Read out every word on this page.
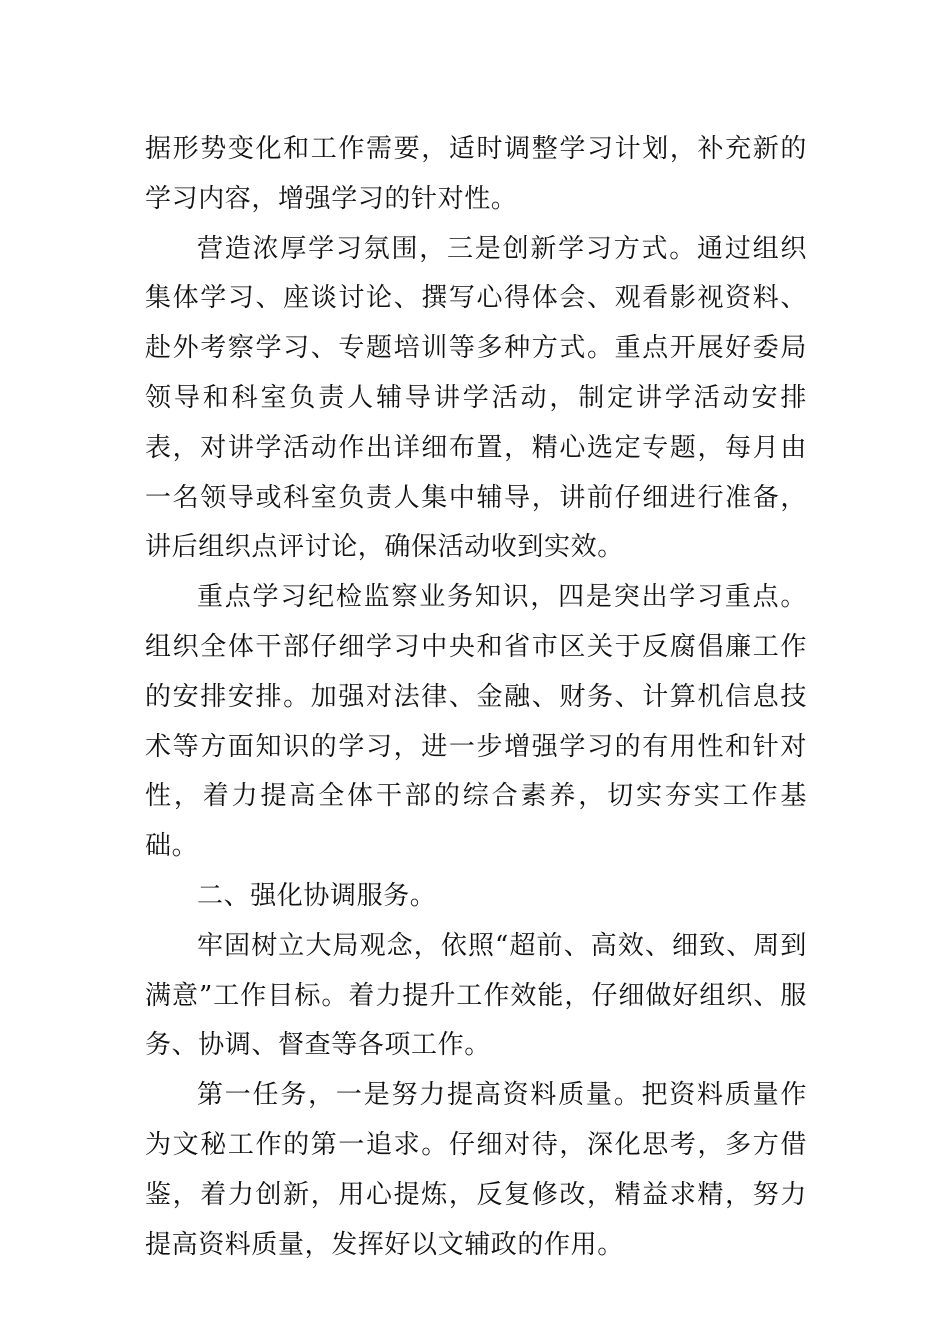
据形势变化和工作需要，适时调整学习计划，补充新的学习内容，增强学习的针对性。

营造浓厚学习氛围，三是创新学习方式。通过组织集体学习、座谈讨论、撰写心得体会、观看影视资料、赴外考察学习、专题培训等多种方式。重点开展好委局领导和科室负责人辅导讲学活动，制定讲学活动安排表，对讲学活动作出详细布置，精心选定专题，每月由一名领导或科室负责人集中辅导，讲前仔细进行准备，讲后组织点评讨论，确保活动收到实效。

重点学习纪检监察业务知识，四是突出学习重点。组织全体干部仔细学习中央和省市区关于反腐倡廉工作的安排安排。加强对法律、金融、财务、计算机信息技术等方面知识的学习，进一步增强学习的有用性和针对性，着力提高全体干部的综合素养，切实夯实工作基础。

二、强化协调服务。

牢固树立大局观念，依照“超前、高效、细致、周到满意”工作目标。着力提升工作效能，仔细做好组织、服务、协调、督查等各项工作。

第一任务，一是努力提高资料质量。把资料质量作为文秘工作的第一追求。仔细对待，深化思考，多方借鉴，着力创新，用心提炼，反复修改，精益求精，努力提高资料质量，发挥好以文辅政的作用。
